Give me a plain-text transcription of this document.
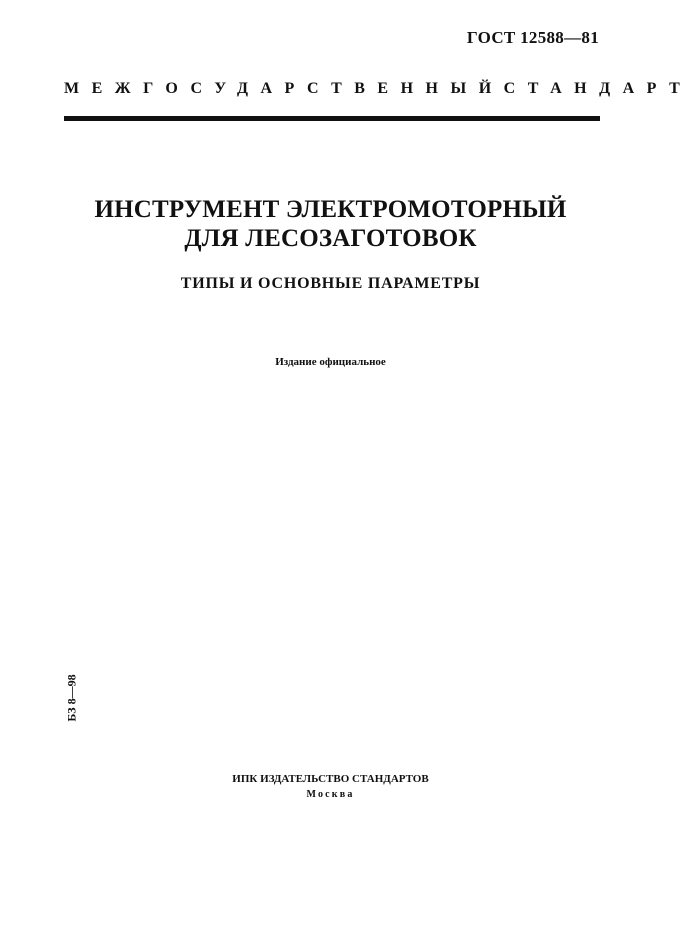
ГОСТ 12588—81
МЕЖГОСУДАРСТВЕННЫЙ СТАНДАРТ
ИНСТРУМЕНТ ЭЛЕКТРОМОТОРНЫЙ
ДЛЯ ЛЕСОЗАГОТОВОК
ТИПЫ И ОСНОВНЫЕ ПАРАМЕТРЫ
Издание официальное
БЗ 8—98
ИПК ИЗДАТЕЛЬСТВО СТАНДАРТОВ
Москва
